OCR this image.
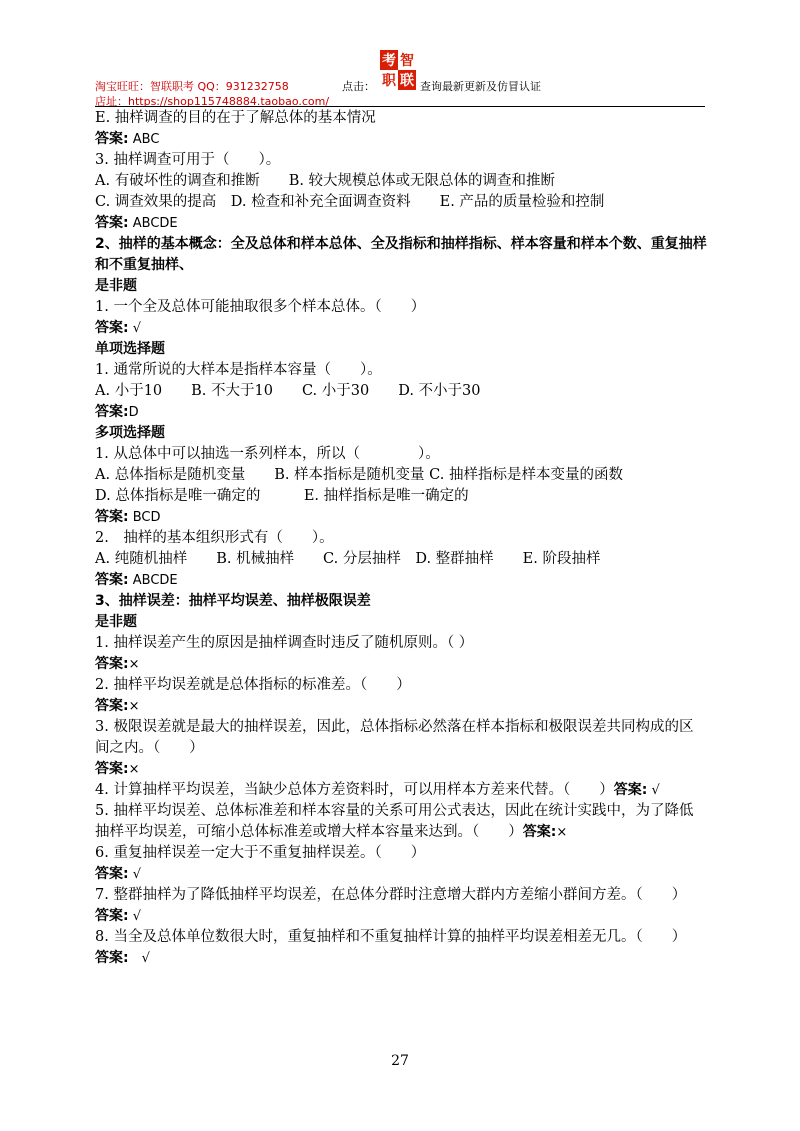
淘宝旺旺：智联职考 QQ：931232758
店址：https://shop115748884.taobao.com/
点击：
考 智
职 联 查询最新更新及仿冒认证
E. 抽样调查的目的在于了解总体的基本情况
答案: ABC
3. 抽样调查可用于（　　）。
A. 有破坏性的调查和推断　　B. 较大规模总体或无限总体的调查和推断
C. 调查效果的提高　D. 检查和补充全面调查资料　　E. 产品的质量检验和控制
答案: ABCDE
2、抽样的基本概念：全及总体和样本总体、全及指标和抽样指标、样本容量和样本个数、重复抽样和不重复抽样、
是非题
1. 一个全及总体可能抽取很多个样本总体。（　　）
答案: √
单项选择题
1. 通常所说的大样本是指样本容量（　　）。
A. 小于10　　B. 不大于10　　C. 小于30　　D. 不小于30
答案:D
多项选择题
1. 从总体中可以抽选一系列样本，所以（　　　　）。
A. 总体指标是随机变量　　B. 样本指标是随机变量 C. 抽样指标是样本变量的函数
D. 总体指标是唯一确定的　　　E. 抽样指标是唯一确定的
答案: BCD
2.　抽样的基本组织形式有（　　）。
A. 纯随机抽样　　B. 机械抽样　　C. 分层抽样　D. 整群抽样　　E. 阶段抽样
答案: ABCDE
3、抽样误差：抽样平均误差、抽样极限误差
是非题
1. 抽样误差产生的原因是抽样调查时违反了随机原则。（ ）
答案:×
2. 抽样平均误差就是总体指标的标准差。（　　）
答案:×
3. 极限误差就是最大的抽样误差，因此，总体指标必然落在样本指标和极限误差共同构成的区间之内。（　　）
答案:×
4. 计算抽样平均误差，当缺少总体方差资料时，可以用样本方差来代替。（　　）答案: √
5. 抽样平均误差、总体标准差和样本容量的关系可用公式表达，因此在统计实践中，为了降低抽样平均误差，可缩小总体标准差或增大样本容量来达到。（　　）答案:×
6. 重复抽样误差一定大于不重复抽样误差。（　　）
答案: √
7. 整群抽样为了降低抽样平均误差，在总体分群时注意增大群内方差缩小群间方差。（　　）
答案: √
8. 当全及总体单位数很大时，重复抽样和不重复抽样计算的抽样平均误差相差无几。（　　）
答案:　√
27
